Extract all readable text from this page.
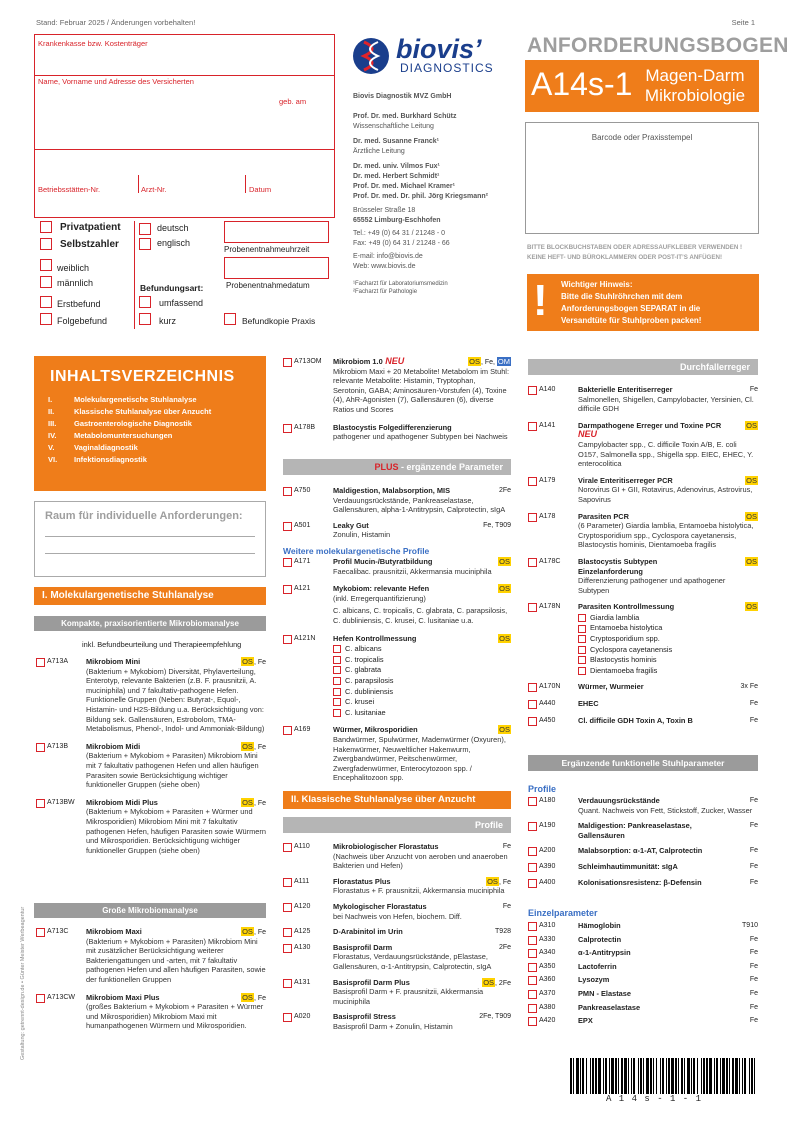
Stand: Februar 2025 / Änderungen vorbehalten!	Seite 1
Krankenkasse bzw. Kostenträger
Name, Vorname und Adresse des Versicherten
geb. am
Betriebsstätten-Nr.	Arzt-Nr.	Datum
Privatpatient
Selbstzahler
weiblich
männlich
Erstbefund
Folgebefund
deutsch
englisch
Befundungsart:
umfassend
kurz
Probenentnahmeuhrzeit
Probenentnahmedatum
Befundkopie Praxis
biovis’
DIAGNOSTICS
Biovis Diagnostik MVZ GmbH
Prof. Dr. med. Burkhard Schütz
Wissenschaftliche Leitung
Dr. med. Susanne Franck¹
Ärztliche Leitung
Dr. med. univ. Vilmos Fux¹
Dr. med. Herbert Schmidt¹
Prof. Dr. med. Michael Kramer¹
Prof. Dr. med. Dr. phil. Jörg Kriegsmann²
Brüsseler Straße 18
65552 Limburg-Eschhofen
Tel.: +49 (0) 64 31 / 21248 - 0
Fax: +49 (0) 64 31 / 21248 - 66
E-mail: info@biovis.de
Web: www.biovis.de
¹Facharzt für Laboratoriumsmedizin
²Facharzt für Pathologie
ANFORDERUNGSBOGEN
A14s-1 Magen-Darm
Mikrobiologie
Barcode oder Praxisstempel
BITTE BLOCKBUCHSTABEN ODER ADRESSAUFKLEBER VERWENDEN !
KEINE HEFT- UND BÜROKLAMMERN ODER POST-IT’S ANFÜGEN!
! Wichtiger Hinweis:
Bitte die Stuhlröhrchen mit dem
Anforderungsbogen SEPARAT in die
Versandtüte für Stuhlproben packen!
INHALTSVERZEICHNIS
I.	Molekulargenetische Stuhlanalyse
II.	Klassische Stuhlanalyse über Anzucht
III. Gastroenterologische Diagnostik
IV. Metabolomuntersuchungen
V.	Vaginaldiagnostik
VI. Infektionsdiagnostik
Raum für individuelle Anforderungen:
I. Molekulargenetische Stuhlanalyse
Kompakte, praxisorientierte Mikrobiomanalyse
inkl. Befundbeurteilung und Therapieempfehlung
A713A Mikrobiom Mini	OS, Fe
(Bakterium + Mykobiom) Diversität, Phylaverteilung, Enterotyp, relevante Bakterien (z.B. F. prausnitzii, A. muciniphila) und 7 fakultativ-pathogene Hefen. Funktionelle Gruppen (Neben: Butyrat-, Equol-, Histamin- und H2S-Bildung u.a. Berücksichtigung von: Bildung sek. Gallensäuren, Estrobolom, TMA-Metabolismus, Phenol-, Indol- und Ammoniak-Bildung)
A713B Mikrobiom Midi	OS, Fe
(Bakterium + Mykobiom + Parasiten) Mikrobiom Mini mit 7 fakultativ pathogenen Hefen und allen häufigen Parasiten sowie Berücksichtigung wichtiger funktioneller Gruppen (siehe oben)
A713BW Mikrobiom Midi Plus	OS, Fe
(Bakterium + Mykobiom + Parasiten + Würmer und Mikrosporidien) Mikrobiom Mini mit 7 fakultativ pathogenen Hefen, häufigen Parasiten sowie Würmern und Mikrosporidien. Berücksichtigung wichtiger funktioneller Gruppen (siehe oben)
Große Mikrobiomanalyse
A713C Mikrobiom Maxi	OS, Fe
(Bakterium + Mykobiom + Parasiten) Mikrobiom Mini mit zusätzlicher Berücksichtigung weiterer Bakteriengattungen und -arten, mit 7 fakultativ pathogenen Hefen und allen häufigen Parasiten, sowie der funktionellen Gruppen
A713CW Mikrobiom Maxi Plus	OS, Fe
(großes Bakterium + Mykobiom + Parasiten + Würmer und Mikrosporidien) Mikrobiom Maxi mit humanpathogenen Würmern und Mikrosporidien.
Gestaltung: getrennt-design.de • Günter Meister Werbeagentur
A713OM Mikrobiom 1.0 NEU	OS, Fe, OM
Mikrobiom Maxi + 20 Metabolite! Metabolom im Stuhl: relevante Metabolite: Histamin, Tryptophan, Serotonin, GABA; Aminosäuren-Vorstufen (4), Toxine (4), AhR-Agonisten (7), Gallensäuren (6), diverse Ratios und Scores
A178B Blastocystis Folgedifferenzierung
pathogener und apathogener Subtypen bei Nachweis
PLUS - ergänzende Parameter
A750	Maldigestion, Malabsorption, MIS	2Fe
Verdauungsrückstände, Pankreaselastase, Gallensäuren, alpha-1-Antitrypsin, Calprotectin, sIgA
A501	Leaky Gut	Fe, T909
Zonulin, Histamin
Weitere molekulargenetische Profile
A171	Profil Mucin-/Butyratbildung	OS
Faecalibac. prausnitzii, Akkermansia muciniphila
A121	Mykobiom: relevante Hefen	OS
(inkl. Erregerquantifizierung)
C. albicans, C. tropicalis, C. glabrata, C. parapsilosis, C. dubliniensis, C. krusei, C. lusitaniae u.a.
A121N Hefen Kontrollmessung	OS
C. albicans
C. tropicalis
C. glabrata
C. parapsilosis
C. dubliniensis
C. krusei
C. lusitaniae
A169	Würmer, Mikrosporidien	OS
Bandwürmer, Spulwürmer, Madenwürmer (Oxyuren), Hakenwürmer, Neuweltlicher Hakenwurm, Zwergbandwürmer, Peitschenwürmer, Zwergfadenwürmer, Enterocytozoon spp. / Encephalitozoon spp.
II. Klassische Stuhlanalyse über Anzucht
Profile
A110	Mikrobiologischer Florastatus	Fe
(Nachweis über Anzucht von aeroben und anaeroben Bakterien und Hefen)
A111	Florastatus Plus	OS, Fe
Florastatus + F. prausnitzii, Akkermansia muciniphila
A120	Mykologischer Florastatus	Fe
bei Nachweis von Hefen, biochem. Diff.
A125	D-Arabinitol im Urin	T928
A130	Basisprofil Darm	2Fe
Florastatus, Verdauungsrückstände, pElastase, Gallensäuren, α-1-Antitrypsin, Calprotectin, sIgA
A131	Basisprofil Darm Plus	OS, 2Fe
Basisprofil Darm + F. prausnitzii, Akkermansia muciniphila
A020	Basisprofil Stress	2Fe, T909
Basisprofil Darm + Zonulin, Histamin
Durchfallerreger
A140	Bakterielle Enteritiserreger	Fe
Salmonellen, Shigellen, Campylobacter, Yersinien, Cl. difficile GDH
A141	Darmpathogene Erreger und Toxine PCR NEU
OS
Campylobacter spp., C. difficile Toxin A/B, E. coli O157, Salmonella spp., Shigella spp. EIEC, EHEC, Y. enterocolitica
A179	Virale Enteritiserreger PCR	OS
Norovirus GI + GII, Rotavirus, Adenovirus, Astrovirus, Sapovirus
A178	Parasiten PCR	OS
(6 Parameter) Giardia lamblia, Entamoeba histolytica, Cryptosporidium spp., Cyclospora cayetanensis, Blastocystis hominis, Dientamoeba fragilis
A178C Blastocystis Subtypen Einzelanforderung
OS
Differenzierung pathogener und apathogener Subtypen
A178N Parasiten Kontrollmessung	OS
Giardia lamblia
Entamoeba histolytica
Cryptosporidium spp.
Cyclospora cayetanensis
Blastocystis hominis
Dientamoeba fragilis
A170N Würmer, Wurmeier	3x Fe
A440	EHEC	Fe
A450	Cl. difficile GDH Toxin A, Toxin B	Fe
Ergänzende funktionelle Stuhlparameter
Profile
A180	Verdauungsrückstände	Fe
Quant. Nachweis von Fett, Stickstoff, Zucker, Wasser
A190	Maldigestion: Pankreaselastase, Gallensäuren
Fe
A200	Malabsorption: α-1-AT, Calprotectin	Fe
A390	Schleimhautimmunität: sIgA	Fe
A400	Kolonisationsresistenz: β-Defensin	Fe
Einzelparameter
A310	Hämoglobin	T910
A330	Calprotectin	Fe
A340	α-1-Antitrypsin	Fe
A350	Lactoferrin	Fe
A360	Lysozym	Fe
A370	PMN - Elastase	Fe
A380	Pankreaselastase	Fe
A420	EPX	Fe
A 1 4 s - 1 - 1
